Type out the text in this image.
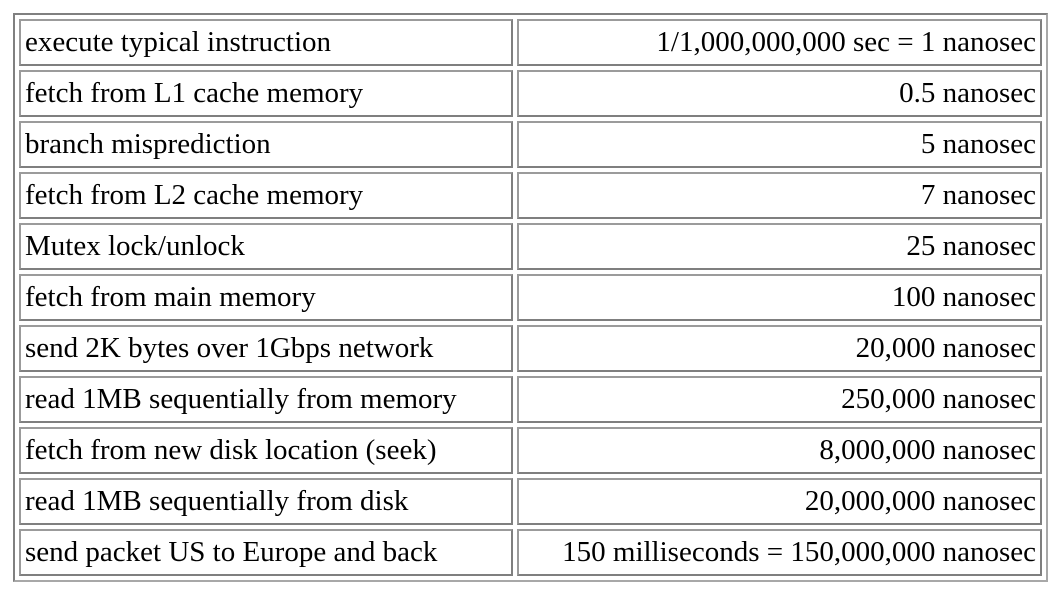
execute typical instruction	1/1,000,000,000 sec = 1 nanosec
fetch from L1 cache memory	0.5 nanosec
branch misprediction	5 nanosec
fetch from L2 cache memory	7 nanosec
Mutex lock/unlock	25 nanosec
fetch from main memory	100 nanosec
send 2K bytes over 1Gbps network	20,000 nanosec
read 1MB sequentially from memory	250,000 nanosec
fetch from new disk location (seek)	8,000,000 nanosec
read 1MB sequentially from disk	20,000,000 nanosec
send packet US to Europe and back	150 milliseconds = 150,000,000 nanosec
